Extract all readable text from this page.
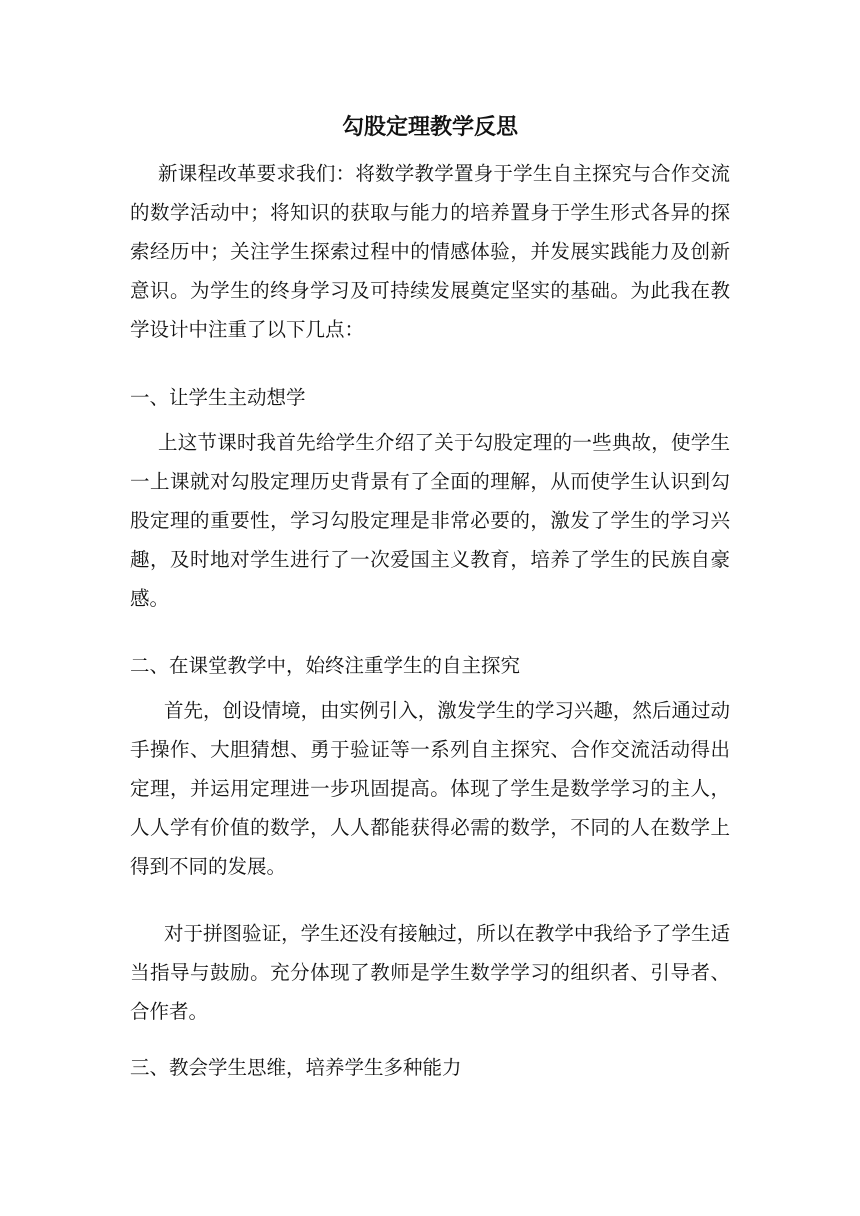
勾股定理教学反思
新课程改革要求我们：将数学教学置身于学生自主探究与合作交流的数学活动中；将知识的获取与能力的培养置身于学生形式各异的探索经历中；关注学生探索过程中的情感体验，并发展实践能力及创新意识。为学生的终身学习及可持续发展奠定坚实的基础。为此我在教学设计中注重了以下几点：
一、让学生主动想学
上这节课时我首先给学生介绍了关于勾股定理的一些典故，使学生一上课就对勾股定理历史背景有了全面的理解，从而使学生认识到勾股定理的重要性，学习勾股定理是非常必要的，激发了学生的学习兴趣，及时地对学生进行了一次爱国主义教育，培养了学生的民族自豪感。
二、在课堂教学中，始终注重学生的自主探究
首先，创设情境，由实例引入，激发学生的学习兴趣，然后通过动手操作、大胆猜想、勇于验证等一系列自主探究、合作交流活动得出定理，并运用定理进一步巩固提高。体现了学生是数学学习的主人，人人学有价值的数学，人人都能获得必需的数学，不同的人在数学上得到不同的发展。
对于拼图验证，学生还没有接触过，所以在教学中我给予了学生适当指导与鼓励。充分体现了教师是学生数学学习的组织者、引导者、合作者。
三、教会学生思维，培养学生多种能力
